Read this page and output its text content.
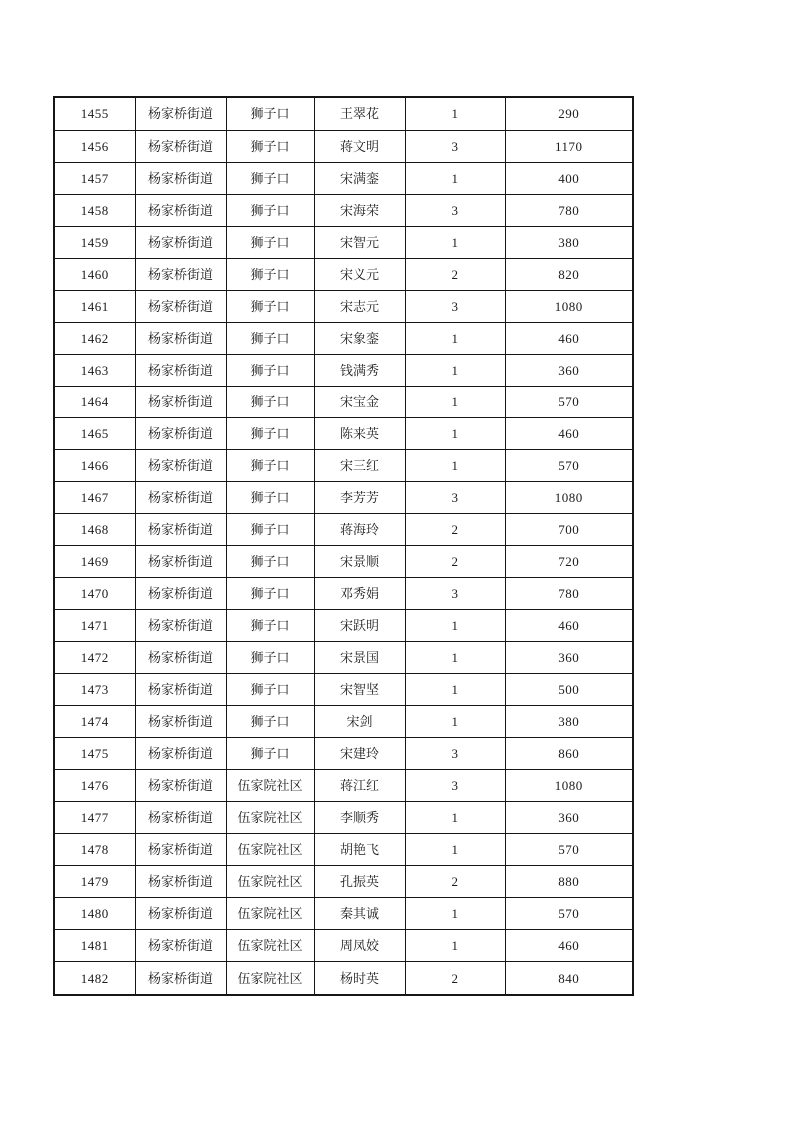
1455	杨家桥街道	狮子口	王翠花	1	290
1456	杨家桥街道	狮子口	蒋文明	3	1170
1457	杨家桥街道	狮子口	宋满銮	1	400
1458	杨家桥街道	狮子口	宋海荣	3	780
1459	杨家桥街道	狮子口	宋智元	1	380
1460	杨家桥街道	狮子口	宋义元	2	820
1461	杨家桥街道	狮子口	宋志元	3	1080
1462	杨家桥街道	狮子口	宋象銮	1	460
1463	杨家桥街道	狮子口	钱满秀	1	360
1464	杨家桥街道	狮子口	宋宝金	1	570
1465	杨家桥街道	狮子口	陈来英	1	460
1466	杨家桥街道	狮子口	宋三红	1	570
1467	杨家桥街道	狮子口	李芳芳	3	1080
1468	杨家桥街道	狮子口	蒋海玲	2	700
1469	杨家桥街道	狮子口	宋景顺	2	720
1470	杨家桥街道	狮子口	邓秀娟	3	780
1471	杨家桥街道	狮子口	宋跃明	1	460
1472	杨家桥街道	狮子口	宋景国	1	360
1473	杨家桥街道	狮子口	宋智坚	1	500
1474	杨家桥街道	狮子口	宋剑	1	380
1475	杨家桥街道	狮子口	宋建玲	3	860
1476	杨家桥街道	伍家院社区	蒋江红	3	1080
1477	杨家桥街道	伍家院社区	李顺秀	1	360
1478	杨家桥街道	伍家院社区	胡艳飞	1	570
1479	杨家桥街道	伍家院社区	孔振英	2	880
1480	杨家桥街道	伍家院社区	秦其诚	1	570
1481	杨家桥街道	伍家院社区	周凤姣	1	460
1482	杨家桥街道	伍家院社区	杨时英	2	840
